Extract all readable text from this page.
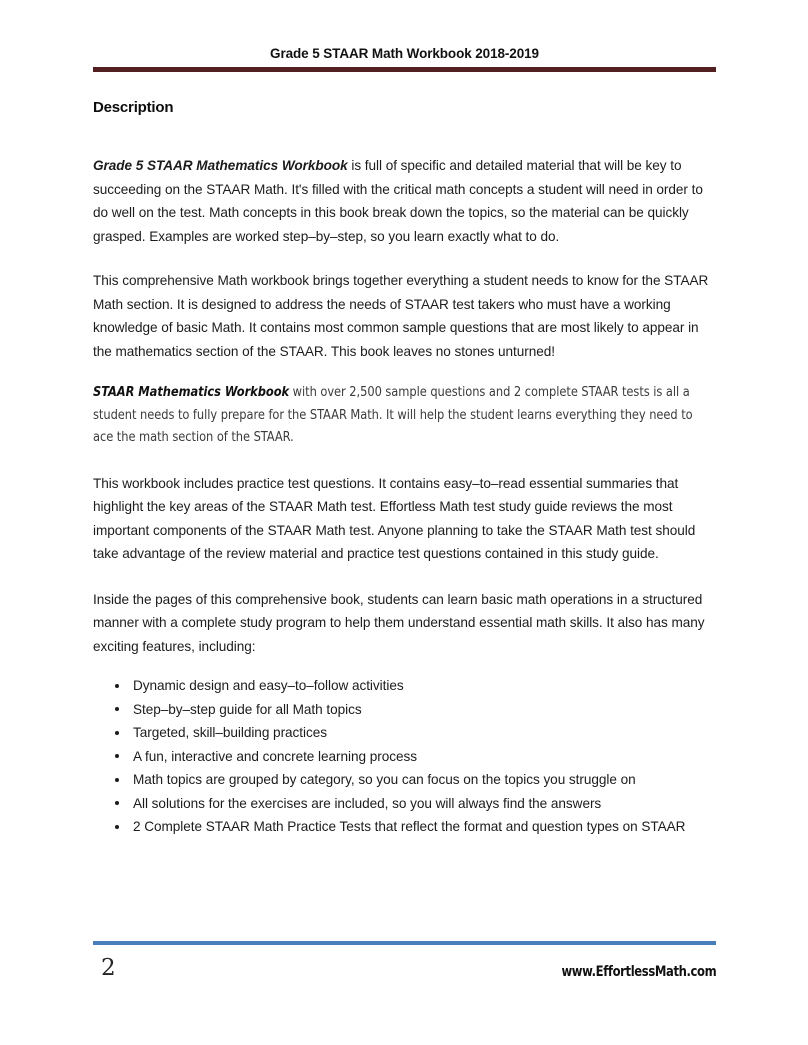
Grade 5 STAAR Math Workbook 2018-2019
Description

Grade 5 STAAR Mathematics Workbook is full of specific and detailed material that will be key to succeeding on the STAAR Math. It's filled with the critical math concepts a student will need in order to do well on the test. Math concepts in this book break down the topics, so the material can be quickly grasped. Examples are worked step–by–step, so you learn exactly what to do.

This comprehensive Math workbook brings together everything a student needs to know for the STAAR Math section. It is designed to address the needs of STAAR test takers who must have a working knowledge of basic Math. It contains most common sample questions that are most likely to appear in the mathematics section of the STAAR. This book leaves no stones unturned!

STAAR Mathematics Workbook with over 2,500 sample questions and 2 complete STAAR tests is all a student needs to fully prepare for the STAAR Math. It will help the student learns everything they need to ace the math section of the STAAR.

This workbook includes practice test questions. It contains easy–to–read essential summaries that highlight the key areas of the STAAR Math test. Effortless Math test study guide reviews the most important components of the STAAR Math test. Anyone planning to take the STAAR Math test should take advantage of the review material and practice test questions contained in this study guide.

Inside the pages of this comprehensive book, students can learn basic math operations in a structured manner with a complete study program to help them understand essential math skills. It also has many exciting features, including:

Dynamic design and easy–to–follow activities
Step–by–step guide for all Math topics
Targeted, skill–building practices
A fun, interactive and concrete learning process
Math topics are grouped by category, so you can focus on the topics you struggle on
All solutions for the exercises are included, so you will always find the answers
2 Complete STAAR Math Practice Tests that reflect the format and question types on STAAR
2	www.EffortlessMath.com
